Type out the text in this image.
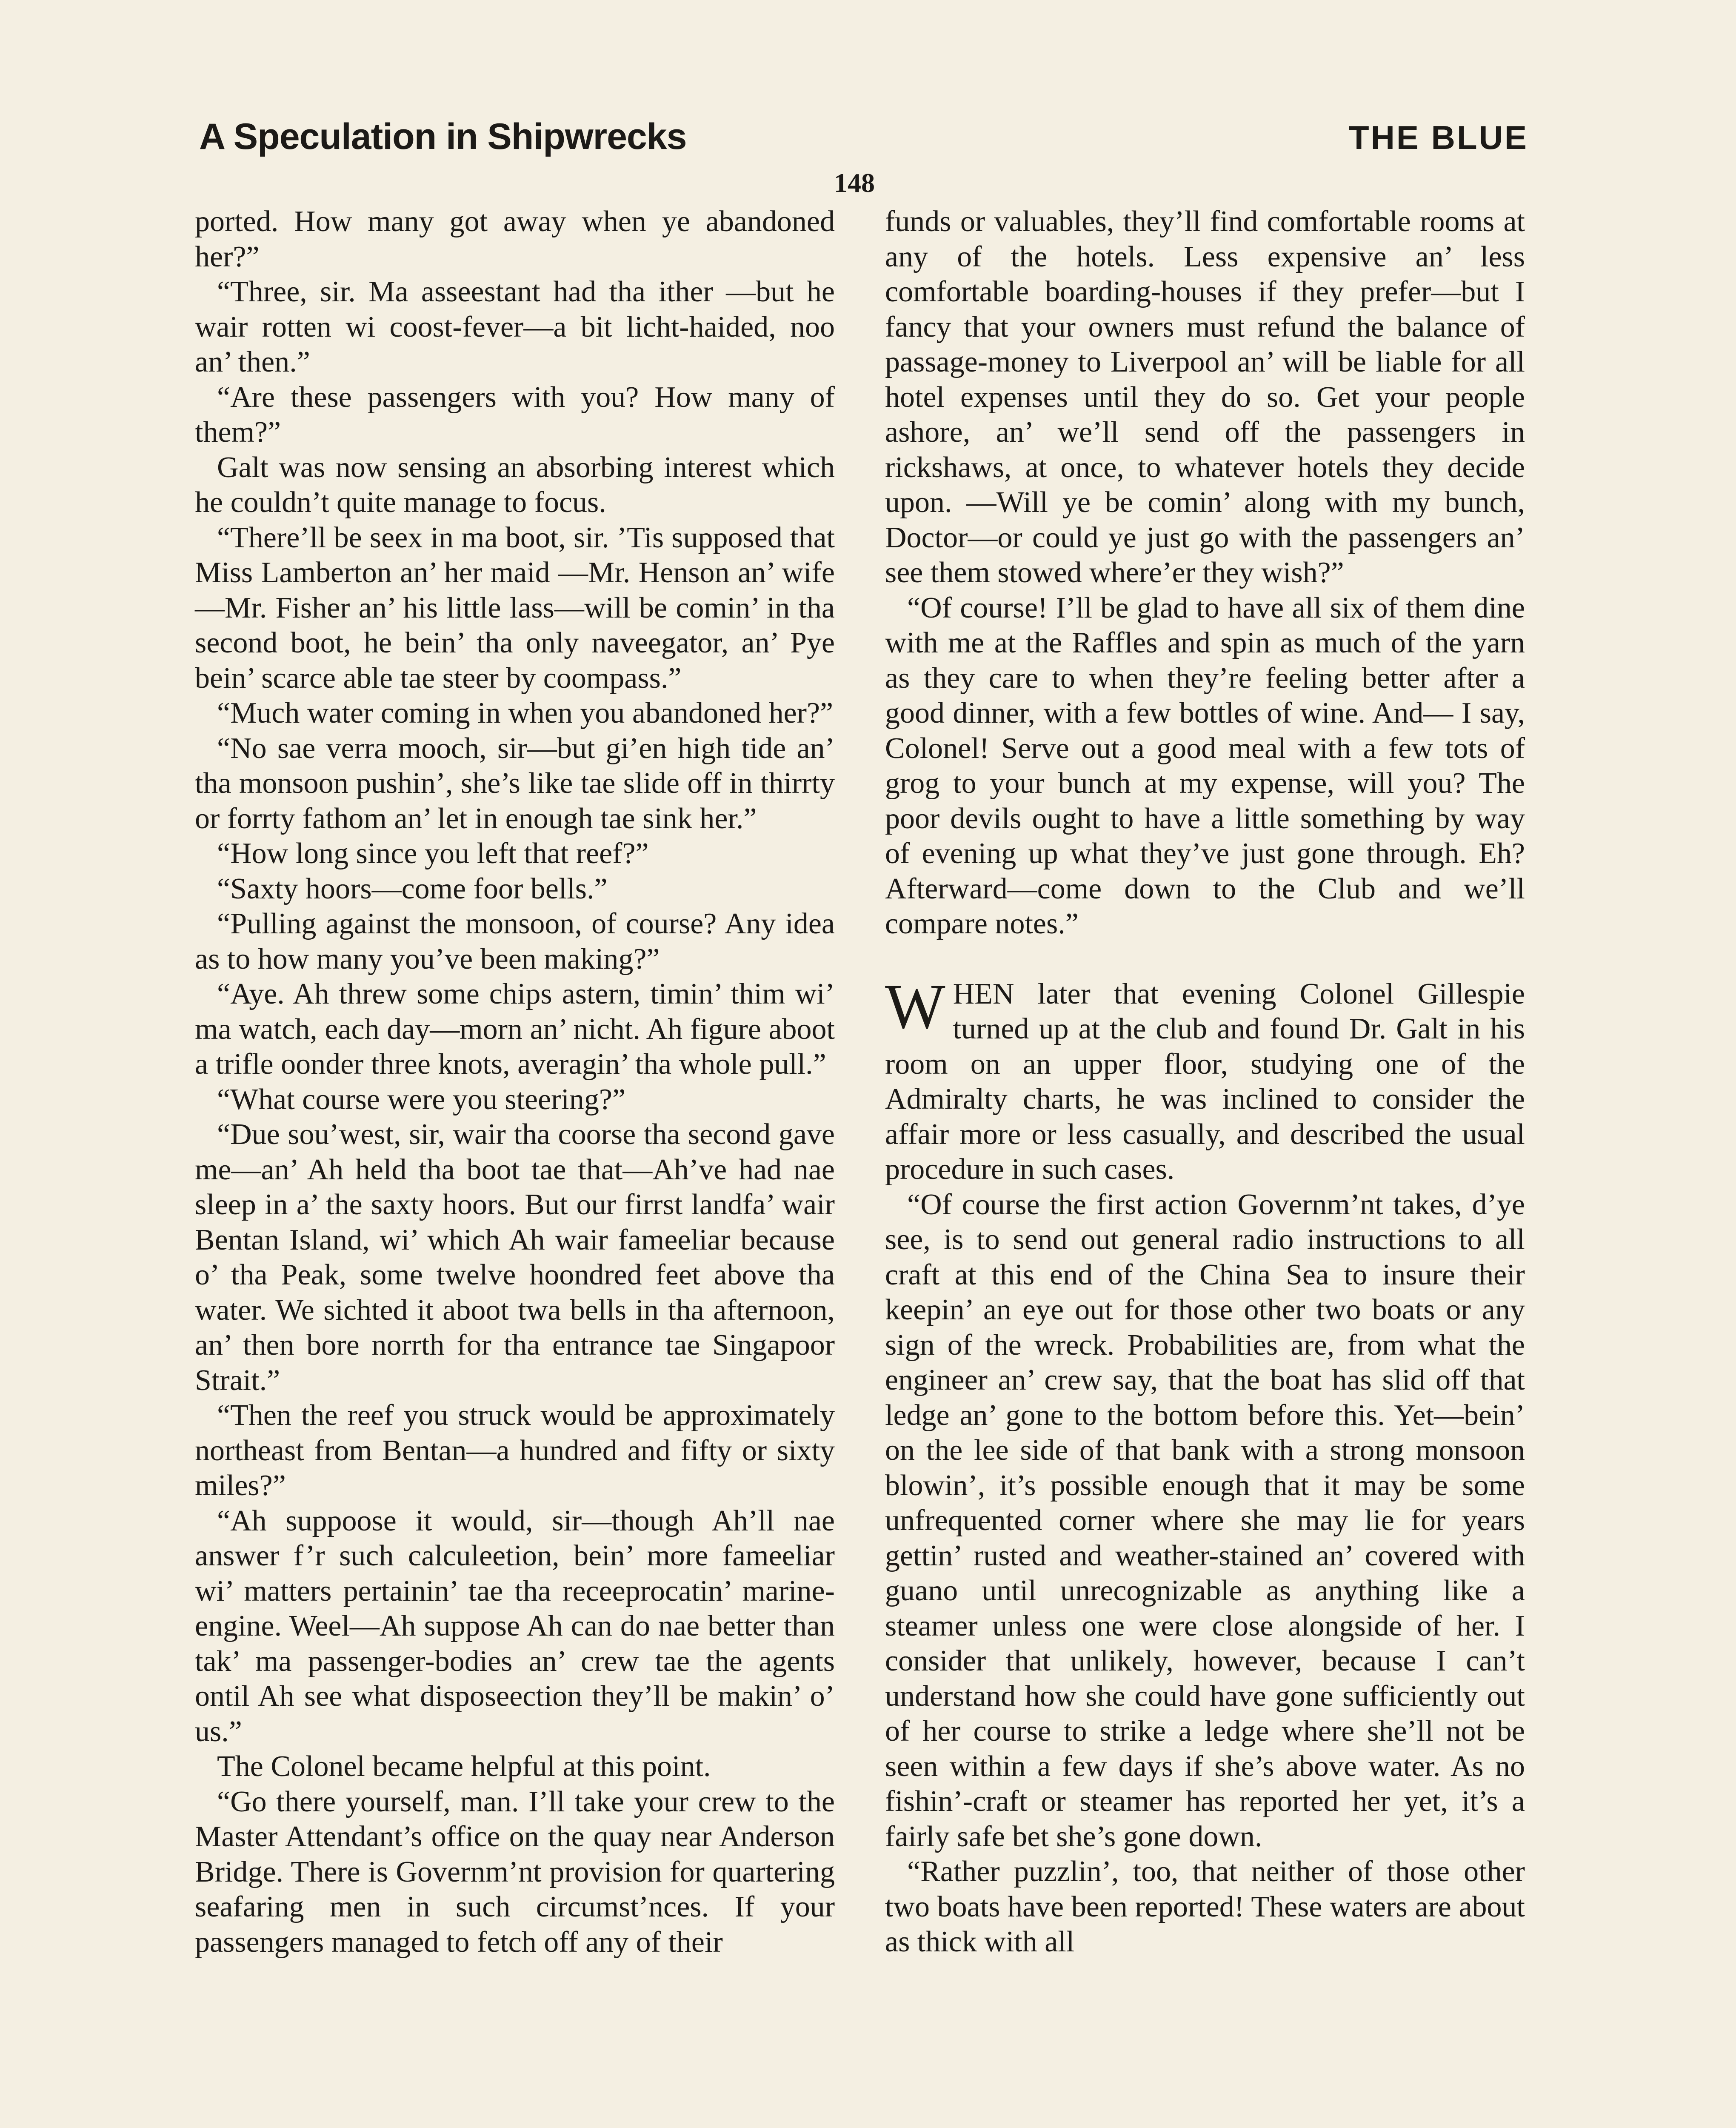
A Speculation in Shipwrecks	THE BLUE
148

ported. How many got away when ye abandoned her?”

“Three, sir. Ma asseestant had tha ither —but he wair rotten wi coost-fever—a bit licht-haided, noo an’ then.”

“Are these passengers with you? How many of them?”

Galt was now sensing an absorbing interest which he couldn’t quite manage to focus.

“There’ll be seex in ma boot, sir. ’Tis supposed that Miss Lamberton an’ her maid —Mr. Henson an’ wife—Mr. Fisher an’ his little lass—will be comin’ in tha second boot, he bein’ tha only naveegator, an’ Pye bein’ scarce able tae steer by coompass.”

“Much water coming in when you abandoned her?”

“No sae verra mooch, sir—but gi’en high tide an’ tha monsoon pushin’, she’s like tae slide off in thirrty or forrty fathom an’ let in enough tae sink her.”

“How long since you left that reef?”

“Saxty hoors—come foor bells.”

“Pulling against the monsoon, of course? Any idea as to how many you’ve been making?”

“Aye. Ah threw some chips astern, timin’ thim wi’ ma watch, each day—morn an’ nicht. Ah figure aboot a trifle oonder three knots, averagin’ tha whole pull.”

“What course were you steering?”

“Due sou’west, sir, wair tha coorse tha second gave me—an’ Ah held tha boot tae that—Ah’ve had nae sleep in a’ the saxty hoors. But our firrst landfa’ wair Bentan Island, wi’ which Ah wair fameeliar because o’ tha Peak, some twelve hoondred feet above tha water. We sichted it aboot twa bells in tha afternoon, an’ then bore norrth for tha entrance tae Singapoor Strait.”

“Then the reef you struck would be approximately northeast from Bentan—a hundred and fifty or sixty miles?”

“Ah suppoose it would, sir—though Ah’ll nae answer f’r such calculeetion, bein’ more fameeliar wi’ matters pertainin’ tae tha receeprocatin’ marine-engine. Weel—Ah suppose Ah can do nae better than tak’ ma passenger-bodies an’ crew tae the agents ontil Ah see what disposeection they’ll be makin’ o’ us.”

The Colonel became helpful at this point.

“Go there yourself, man. I’ll take your crew to the Master Attendant’s office on the quay near Anderson Bridge. There is Governm’nt provision for quartering seafaring men in such circumst’nces. If your passengers managed to fetch off any of their

funds or valuables, they’ll find comfortable rooms at any of the hotels. Less expensive an’ less comfortable boarding-houses if they prefer—but I fancy that your owners must refund the balance of passage-money to Liverpool an’ will be liable for all hotel expenses until they do so. Get your people ashore, an’ we’ll send off the passengers in rickshaws, at once, to whatever hotels they decide upon. —Will ye be comin’ along with my bunch, Doctor—or could ye just go with the passengers an’ see them stowed where’er they wish?”

“Of course! I’ll be glad to have all six of them dine with me at the Raffles and spin as much of the yarn as they care to when they’re feeling better after a good dinner, with a few bottles of wine. And— I say, Colonel! Serve out a good meal with a few tots of grog to your bunch at my expense, will you? The poor devils ought to have a little something by way of evening up what they’ve just gone through. Eh? Afterward—come down to the Club and we’ll compare notes.”

WHEN later that evening Colonel Gillespie turned up at the club and found Dr. Galt in his room on an upper floor, studying one of the Admiralty charts, he was inclined to consider the affair more or less casually, and described the usual procedure in such cases.

“Of course the first action Governm’nt takes, d’ye see, is to send out general radio instructions to all craft at this end of the China Sea to insure their keepin’ an eye out for those other two boats or any sign of the wreck. Probabilities are, from what the engineer an’ crew say, that the boat has slid off that ledge an’ gone to the bottom before this. Yet—bein’ on the lee side of that bank with a strong monsoon blowin’, it’s possible enough that it may be some unfrequented corner where she may lie for years gettin’ rusted and weather-stained an’ covered with guano until unrecognizable as anything like a steamer unless one were close alongside of her. I consider that unlikely, however, because I can’t understand how she could have gone sufficiently out of her course to strike a ledge where she’ll not be seen within a few days if she’s above water. As no fishin’-craft or steamer has reported her yet, it’s a fairly safe bet she’s gone down.

“Rather puzzlin’, too, that neither of those other two boats have been reported! These waters are about as thick with all
